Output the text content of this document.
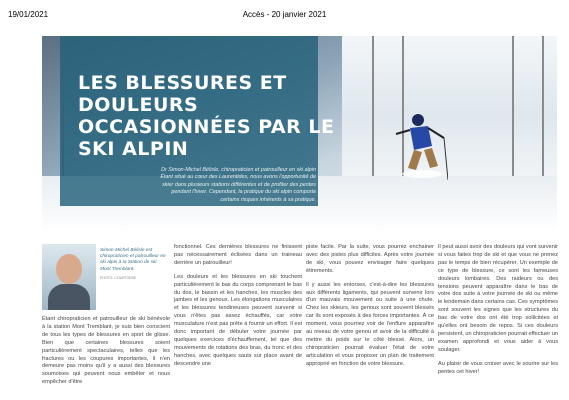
19/01/2021	Accès - 20 janvier 2021
LES BLESSURES ET DOULEURS OCCASIONNÉES PAR LE SKI ALPIN
Dr Simon-Michel Bélisle, chiropraticien et patrouilleur en ski alpin Étant situé au cœur des Laurentides, nous avons l'opportunité de skier dans plusieurs stations différentes et de profiter des pentes pendant l'hiver. Cependant, la pratique du ski alpin comporte certains risques inhérents à sa pratique.
Simon-Michel Bélisle est chiropraticien et patrouilleur en ski alpin à la Station de ski Mont Tremblant.
PHOTO: COURTOISIE

Étant chiropraticien et patrouilleur de ski bénévole à la station Mont Tremblant, je suis bien conscient de tous les types de blessures en sport de glisse. Bien que certaines blessures soient particulièrement spectaculaires, telles que les fractures ou les coupures importantes, il n'en demeure pas moins qu'il y a aussi des blessures soumoises qui peuvent nous embêter et nous empêcher d'être

fonctionnel. Ces dernières blessures ne finissent pas nécessairement éclisées dans un traineau derrière un patrouilleur!

Les douleurs et les blessures en ski touchent particulièrement le bas du corps comprenant le bas du dos, le bassin et les hanches, les muscles des jambes et les genoux. Les élongations musculaires et les blessures tendineuses peuvent survenir si vous n'êtes pas assez échauffés, car votre musculature n'est pas prête à fournir un effort. Il est donc important de débuter votre journée par quelques exercices d'échauffement, tel que des mouvements de rotations des bras, du tronc et des hanches, avec quelques sauts sur place avant de descendre une

piste facile. Par la suite, vous pourrez enchainer avec des pistes plus difficiles. Après votre journée de ski, vous pouvez envisager faire quelques étirements.

Il y aussi les entorses, c'est-à-dire les blessures aux différents ligaments, qui peuvent survenir lors d'un mauvais mouvement ou suite à une chute. Chez les skieurs, les genoux sont souvent blessés car ils sont exposés à des forces importantes. À ce moment, vous pourriez voir de l'enflure apparaître au niveau de votre genou et avoir de la difficulté à mettre du poids sur le côté blessé. Alors, un chiropraticien pourrait évaluer l'état de votre articulation et vous proposer un plan de traitement approprié en fonction de votre blessure.

Il peut aussi avoir des douleurs qui vont survenir si vous faites trop de ski et que vous ne prenez pas le temps de bien récupérer. Un exemple de ce type de blessure, ce sont les fameuses douleurs lombaires. Des raideurs ou des tensions peuvent apparaître dans le bas de votre dos suite à votre journée de ski ou même le lendemain dans certains cas. Ces symptômes sont souvent les signes que les structures du bas de votre dos ont été trop sollicitées et qu'elles ont besoin de repos. Si ces douleurs persistent, un chiropraticien pourrait effectuer un examen approfondi et vous aider à vous soulager.

Au plaisir de vous croiser avec le sourire sur les pentes cet hiver!
